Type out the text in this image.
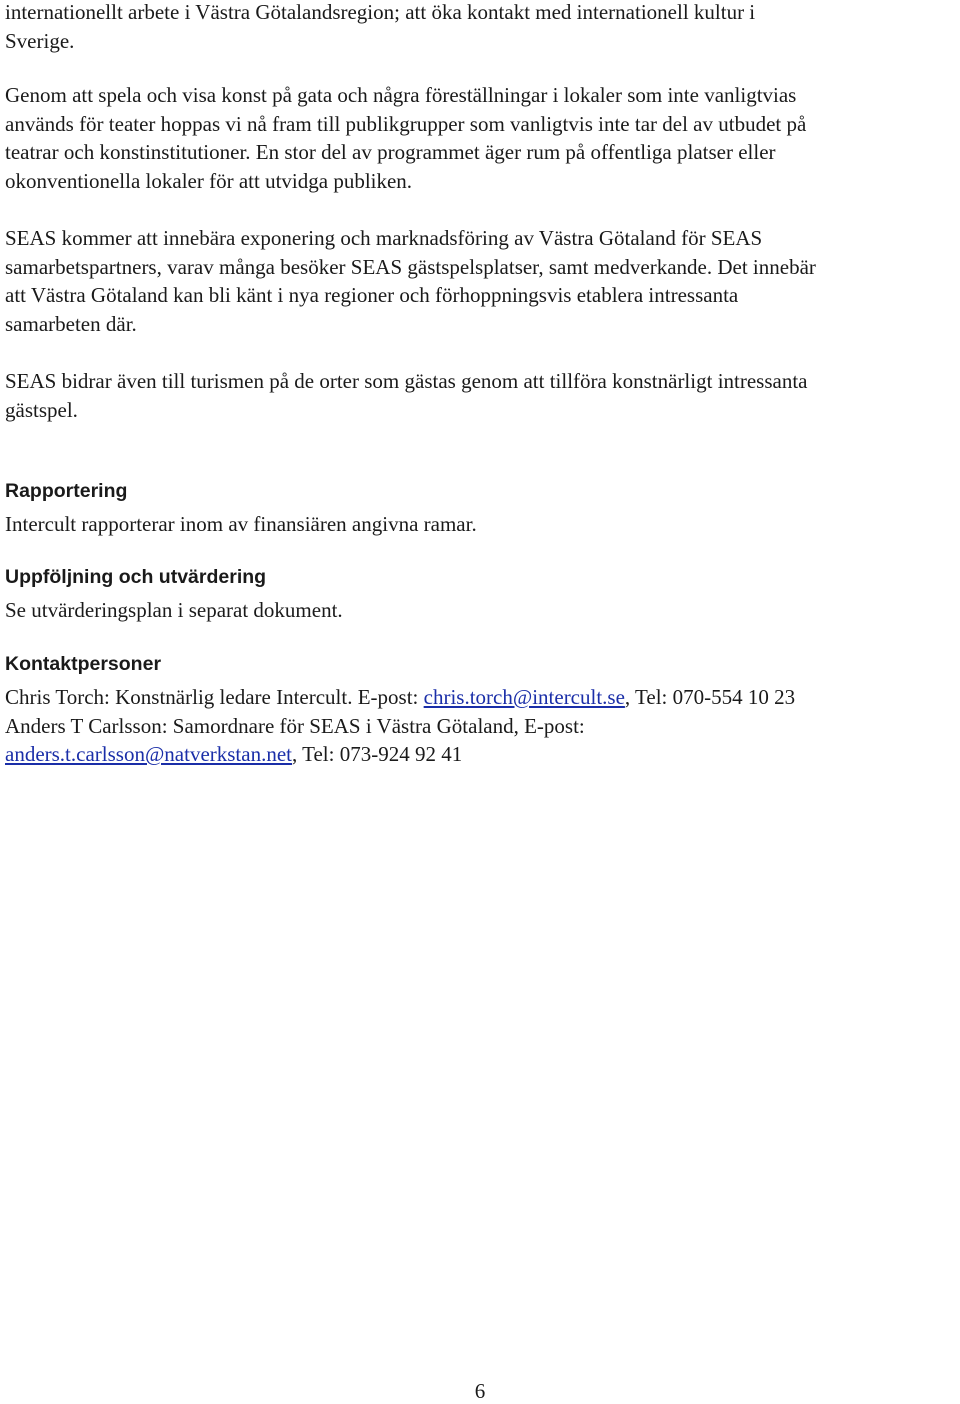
internationellt arbete i Västra Götalandsregion; att öka kontakt med internationell kultur i
Sverige.

Genom att spela och visa konst på gata och några föreställningar i lokaler som inte vanligtvias
används för teater hoppas vi nå fram till publikgrupper som vanligtvis inte tar del av utbudet på
teatrar och konstinstitutioner. En stor del av programmet äger rum på offentliga platser eller
okonventionella lokaler för att utvidga publiken.

SEAS kommer att innebära exponering och marknadsföring av Västra Götaland för SEAS
samarbetspartners, varav många besöker SEAS gästspelsplatser, samt medverkande. Det innebär
att Västra Götaland kan bli känt i nya regioner och förhoppningsvis etablera intressanta
samarbeten där.

SEAS bidrar även till turismen på de orter som gästas genom att tillföra konstnärligt intressanta
gästspel.

Rapportering

Intercult rapporterar inom av finansiären angivna ramar.

Uppföljning och utvärdering

Se utvärderingsplan i separat dokument.

Kontaktpersoner

Chris Torch: Konstnärlig ledare Intercult. E-post: chris.torch@intercult.se, Tel: 070-554 10 23
Anders T Carlsson: Samordnare för SEAS i Västra Götaland, E-post:
anders.t.carlsson@natverkstan.net, Tel: 073-924 92 41

6
